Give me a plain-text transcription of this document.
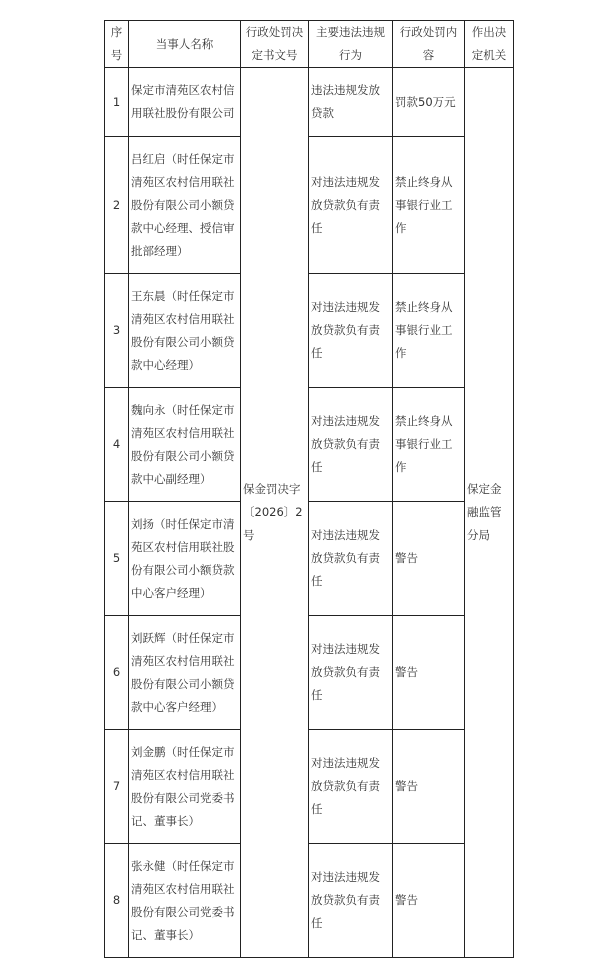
序号	当事人名称	行政处罚决定书文号	主要违法违规行为	行政处罚内容	作出决定机关
1	保定市清苑区农村信用联社股份有限公司	保金罚决字〔2026〕2号	违法违规发放贷款	罚款50万元	保定金融监管分局
2	吕红启（时任保定市清苑区农村信用联社股份有限公司小额贷款中心经理、授信审批部经理）		对违法违规发放贷款负有责任	禁止终身从事银行业工作	
3	王东晨（时任保定市清苑区农村信用联社股份有限公司小额贷款中心经理）		对违法违规发放贷款负有责任	禁止终身从事银行业工作	
4	魏向永（时任保定市清苑区农村信用联社股份有限公司小额贷款中心副经理）		对违法违规发放贷款负有责任	禁止终身从事银行业工作	
5	刘扬（时任保定市清苑区农村信用联社股份有限公司小额贷款中心客户经理）		对违法违规发放贷款负有责任	警告	
6	刘跃辉（时任保定市清苑区农村信用联社股份有限公司小额贷款中心客户经理）		对违法违规发放贷款负有责任	警告	
7	刘金鹏（时任保定市清苑区农村信用联社股份有限公司党委书记、董事长）		对违法违规发放贷款负有责任	警告	
8	张永健（时任保定市清苑区农村信用联社股份有限公司党委书记、董事长）		对违法违规发放贷款负有责任	警告	
